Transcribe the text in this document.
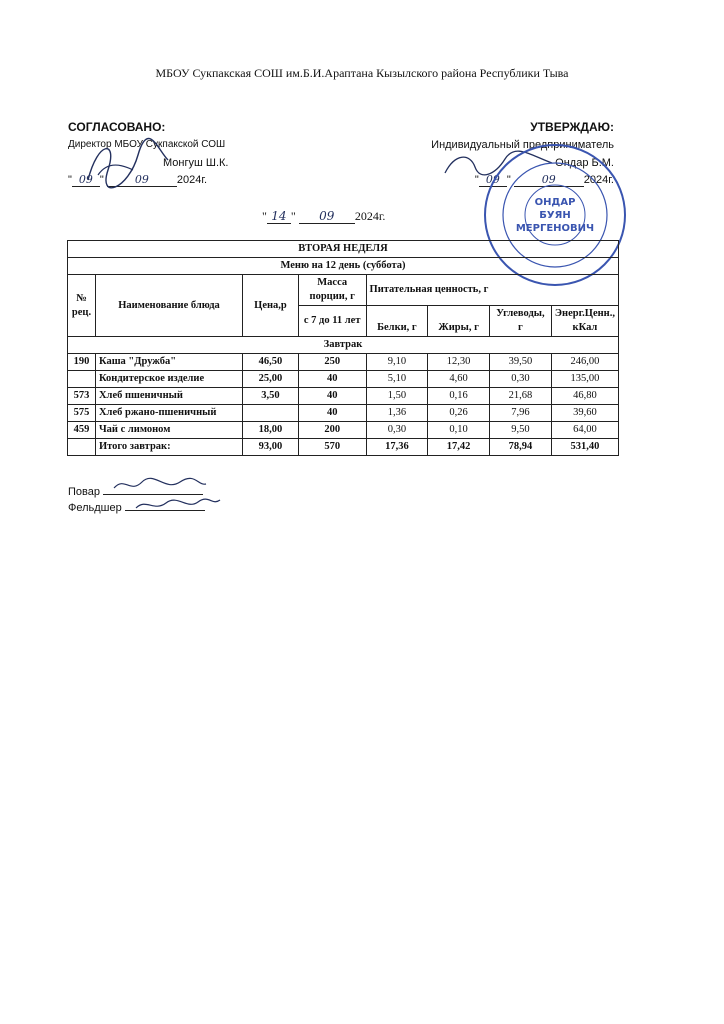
МБОУ Сукпакская СОШ им.Б.И.Араптана Кызылского района Республики Тыва
СОГЛАСОВАНО:
Директор МБОУ Сукпакской СОШ
Монгуш Ш.К.
" 09 "	09	2024г.
УТВЕРЖДАЮ:
Индивидуальный предприниматель
Ондар Б.М.
" 09 "	09	2024г.
" 14 " 09 2024г.
ОНДАР
БУЯН
МЕРГЕНОВИЧ
ВТОРАЯ НЕДЕЛЯ							
Меню на 12 день (суббота)							
№ рец.	Наименование блюда	Цена,р	Масса порции, г	Питательная ценность, г			
			с 7 до 11 лет	Белки, г	Жиры, г	Углеводы, г	Энерг.Ценн., кКал
Завтрак							
190	Каша "Дружба"	46,50	250	9,10	12,30	39,50	246,00
	Кондитерское изделие	25,00	40	5,10	4,60	0,30	135,00
573	Хлеб пшеничный	3,50	40	1,50	0,16	21,68	46,80
575	Хлеб ржано-пшеничный		40	1,36	0,26	7,96	39,60
459	Чай с лимоном	18,00	200	0,30	0,10	9,50	64,00
	Итого завтрак:	93,00	570	17,36	17,42	78,94	531,40
Повар
Фельдшер
